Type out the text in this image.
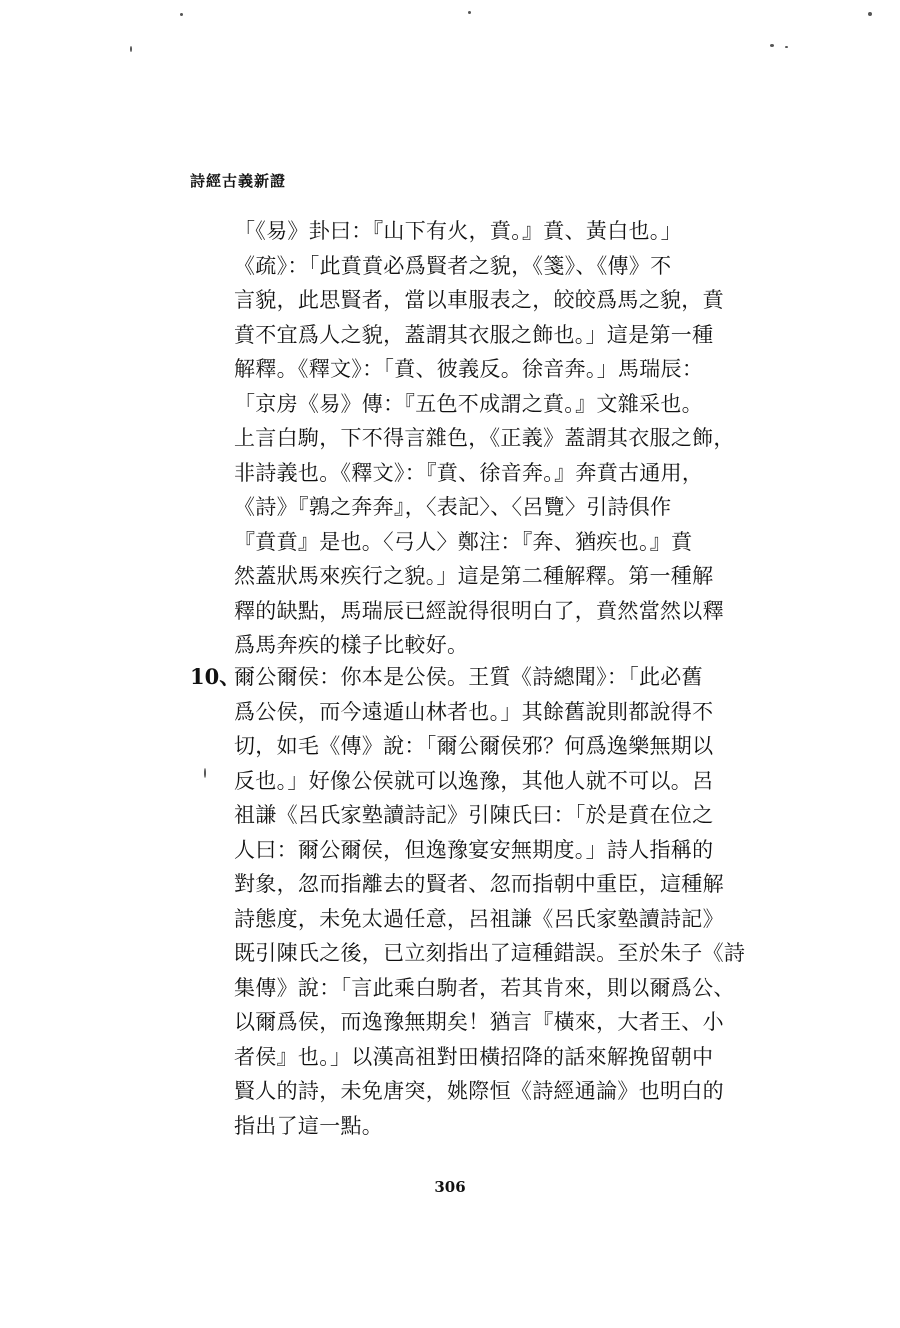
詩經古義新證
「《易》卦曰：『山下有火，賁。』賁、黃白也。」
《疏》：「此賁賁必爲賢者之貌，《箋》、《傳》不
言貌，此思賢者，當以車服表之，皎皎爲馬之貌，賁
賁不宜爲人之貌，蓋謂其衣服之飾也。」這是第一種
解釋。《釋文》：「賁、彼義反。徐音奔。」馬瑞辰：
「京房《易》傳：『五色不成謂之賁。』文雜采也。
上言白駒，下不得言雜色，《正義》蓋謂其衣服之飾，
非詩義也。《釋文》：『賁、徐音奔。』奔賁古通用，
《詩》『鶉之奔奔』，〈表記〉、〈呂覽〉引詩俱作
『賁賁』是也。〈弓人〉鄭注：『奔、猶疾也。』賁
然蓋狀馬來疾行之貌。」這是第二種解釋。第一種解
釋的缺點，馬瑞辰已經說得很明白了，賁然當然以釋
爲馬奔疾的樣子比較好。
10、
爾公爾侯：你本是公侯。王質《詩總聞》：「此必舊
爲公侯，而今遠遁山林者也。」其餘舊說則都說得不
切，如毛《傳》說：「爾公爾侯邪？何爲逸樂無期以
反也。」好像公侯就可以逸豫，其他人就不可以。呂
祖謙《呂氏家塾讀詩記》引陳氏曰：「於是賁在位之
人曰：爾公爾侯，但逸豫宴安無期度。」詩人指稱的
對象，忽而指離去的賢者、忽而指朝中重臣，這種解
詩態度，未免太過任意，呂祖謙《呂氏家塾讀詩記》
既引陳氏之後，已立刻指出了這種錯誤。至於朱子《詩
集傳》說：「言此乘白駒者，若其肯來，則以爾爲公、
以爾爲侯，而逸豫無期矣！猶言『橫來，大者王、小
者侯』也。」以漢高祖對田橫招降的話來解挽留朝中
賢人的詩，未免唐突，姚際恒《詩經通論》也明白的
指出了這一點。
306
